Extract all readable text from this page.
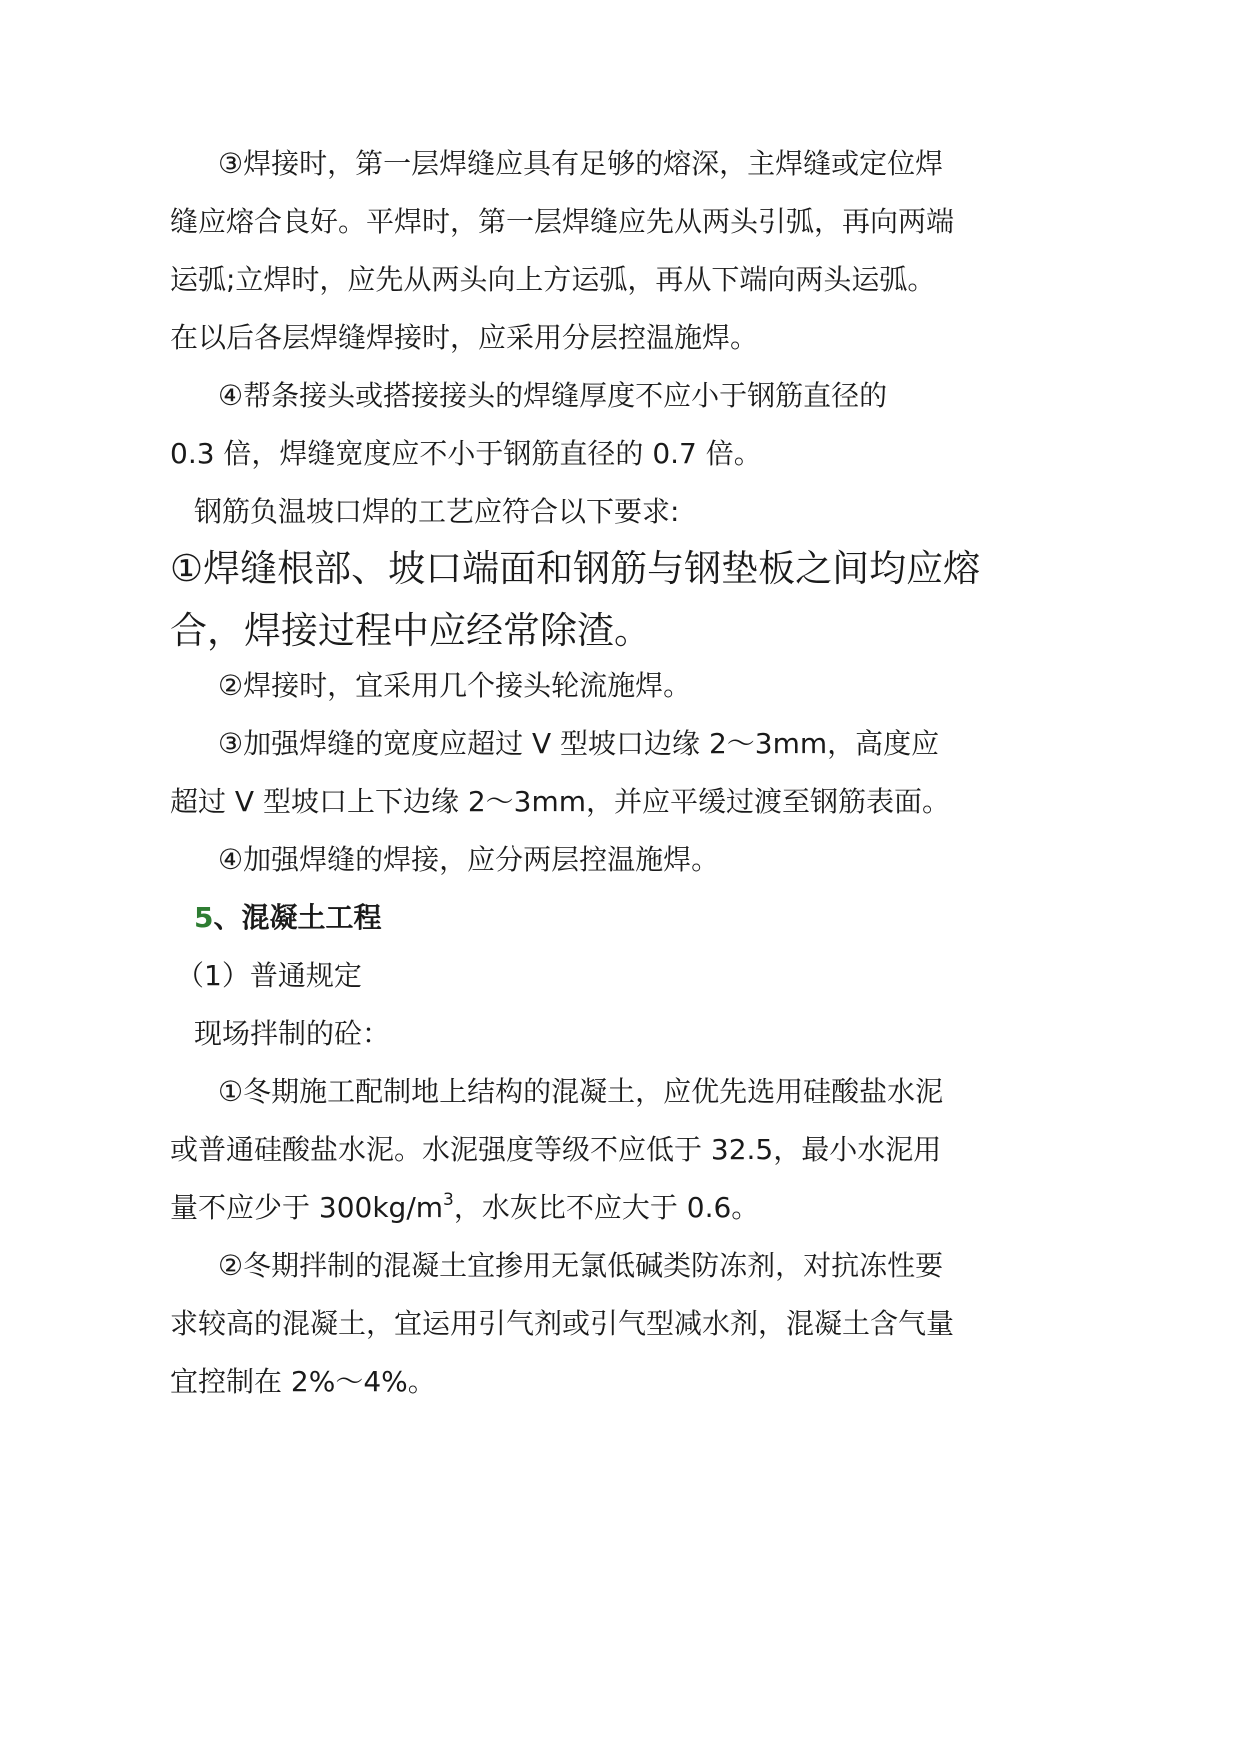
③焊接时，第一层焊缝应具有足够的熔深，主焊缝或定位焊

缝应熔合良好。平焊时，第一层焊缝应先从两头引弧，再向两端

运弧;立焊时，应先从两头向上方运弧，再从下端向两头运弧。

在以后各层焊缝焊接时，应采用分层控温施焊。

④帮条接头或搭接接头的焊缝厚度不应小于钢筋直径的

0.3 倍，焊缝宽度应不小于钢筋直径的 0.7 倍。

钢筋负温坡口焊的工艺应符合以下要求:

①焊缝根部、坡口端面和钢筋与钢垫板之间均应熔

合，焊接过程中应经常除渣。

②焊接时，宜采用几个接头轮流施焊。

③加强焊缝的宽度应超过 V 型坡口边缘 2～3mm，高度应

超过 V 型坡口上下边缘 2～3mm，并应平缓过渡至钢筋表面。

④加强焊缝的焊接，应分两层控温施焊。

5、混凝土工程

（1）普通规定

现场拌制的砼：

①冬期施工配制地上结构的混凝土，应优先选用硅酸盐水泥

或普通硅酸盐水泥。水泥强度等级不应低于 32.5，最小水泥用

量不应少于 $300kg/m^3$，水灰比不应大于 0.6。

②冬期拌制的混凝土宜掺用无氯低碱类防冻剂，对抗冻性要

求较高的混凝土，宜运用引气剂或引气型减水剂，混凝土含气量

宜控制在 2%～4%。
